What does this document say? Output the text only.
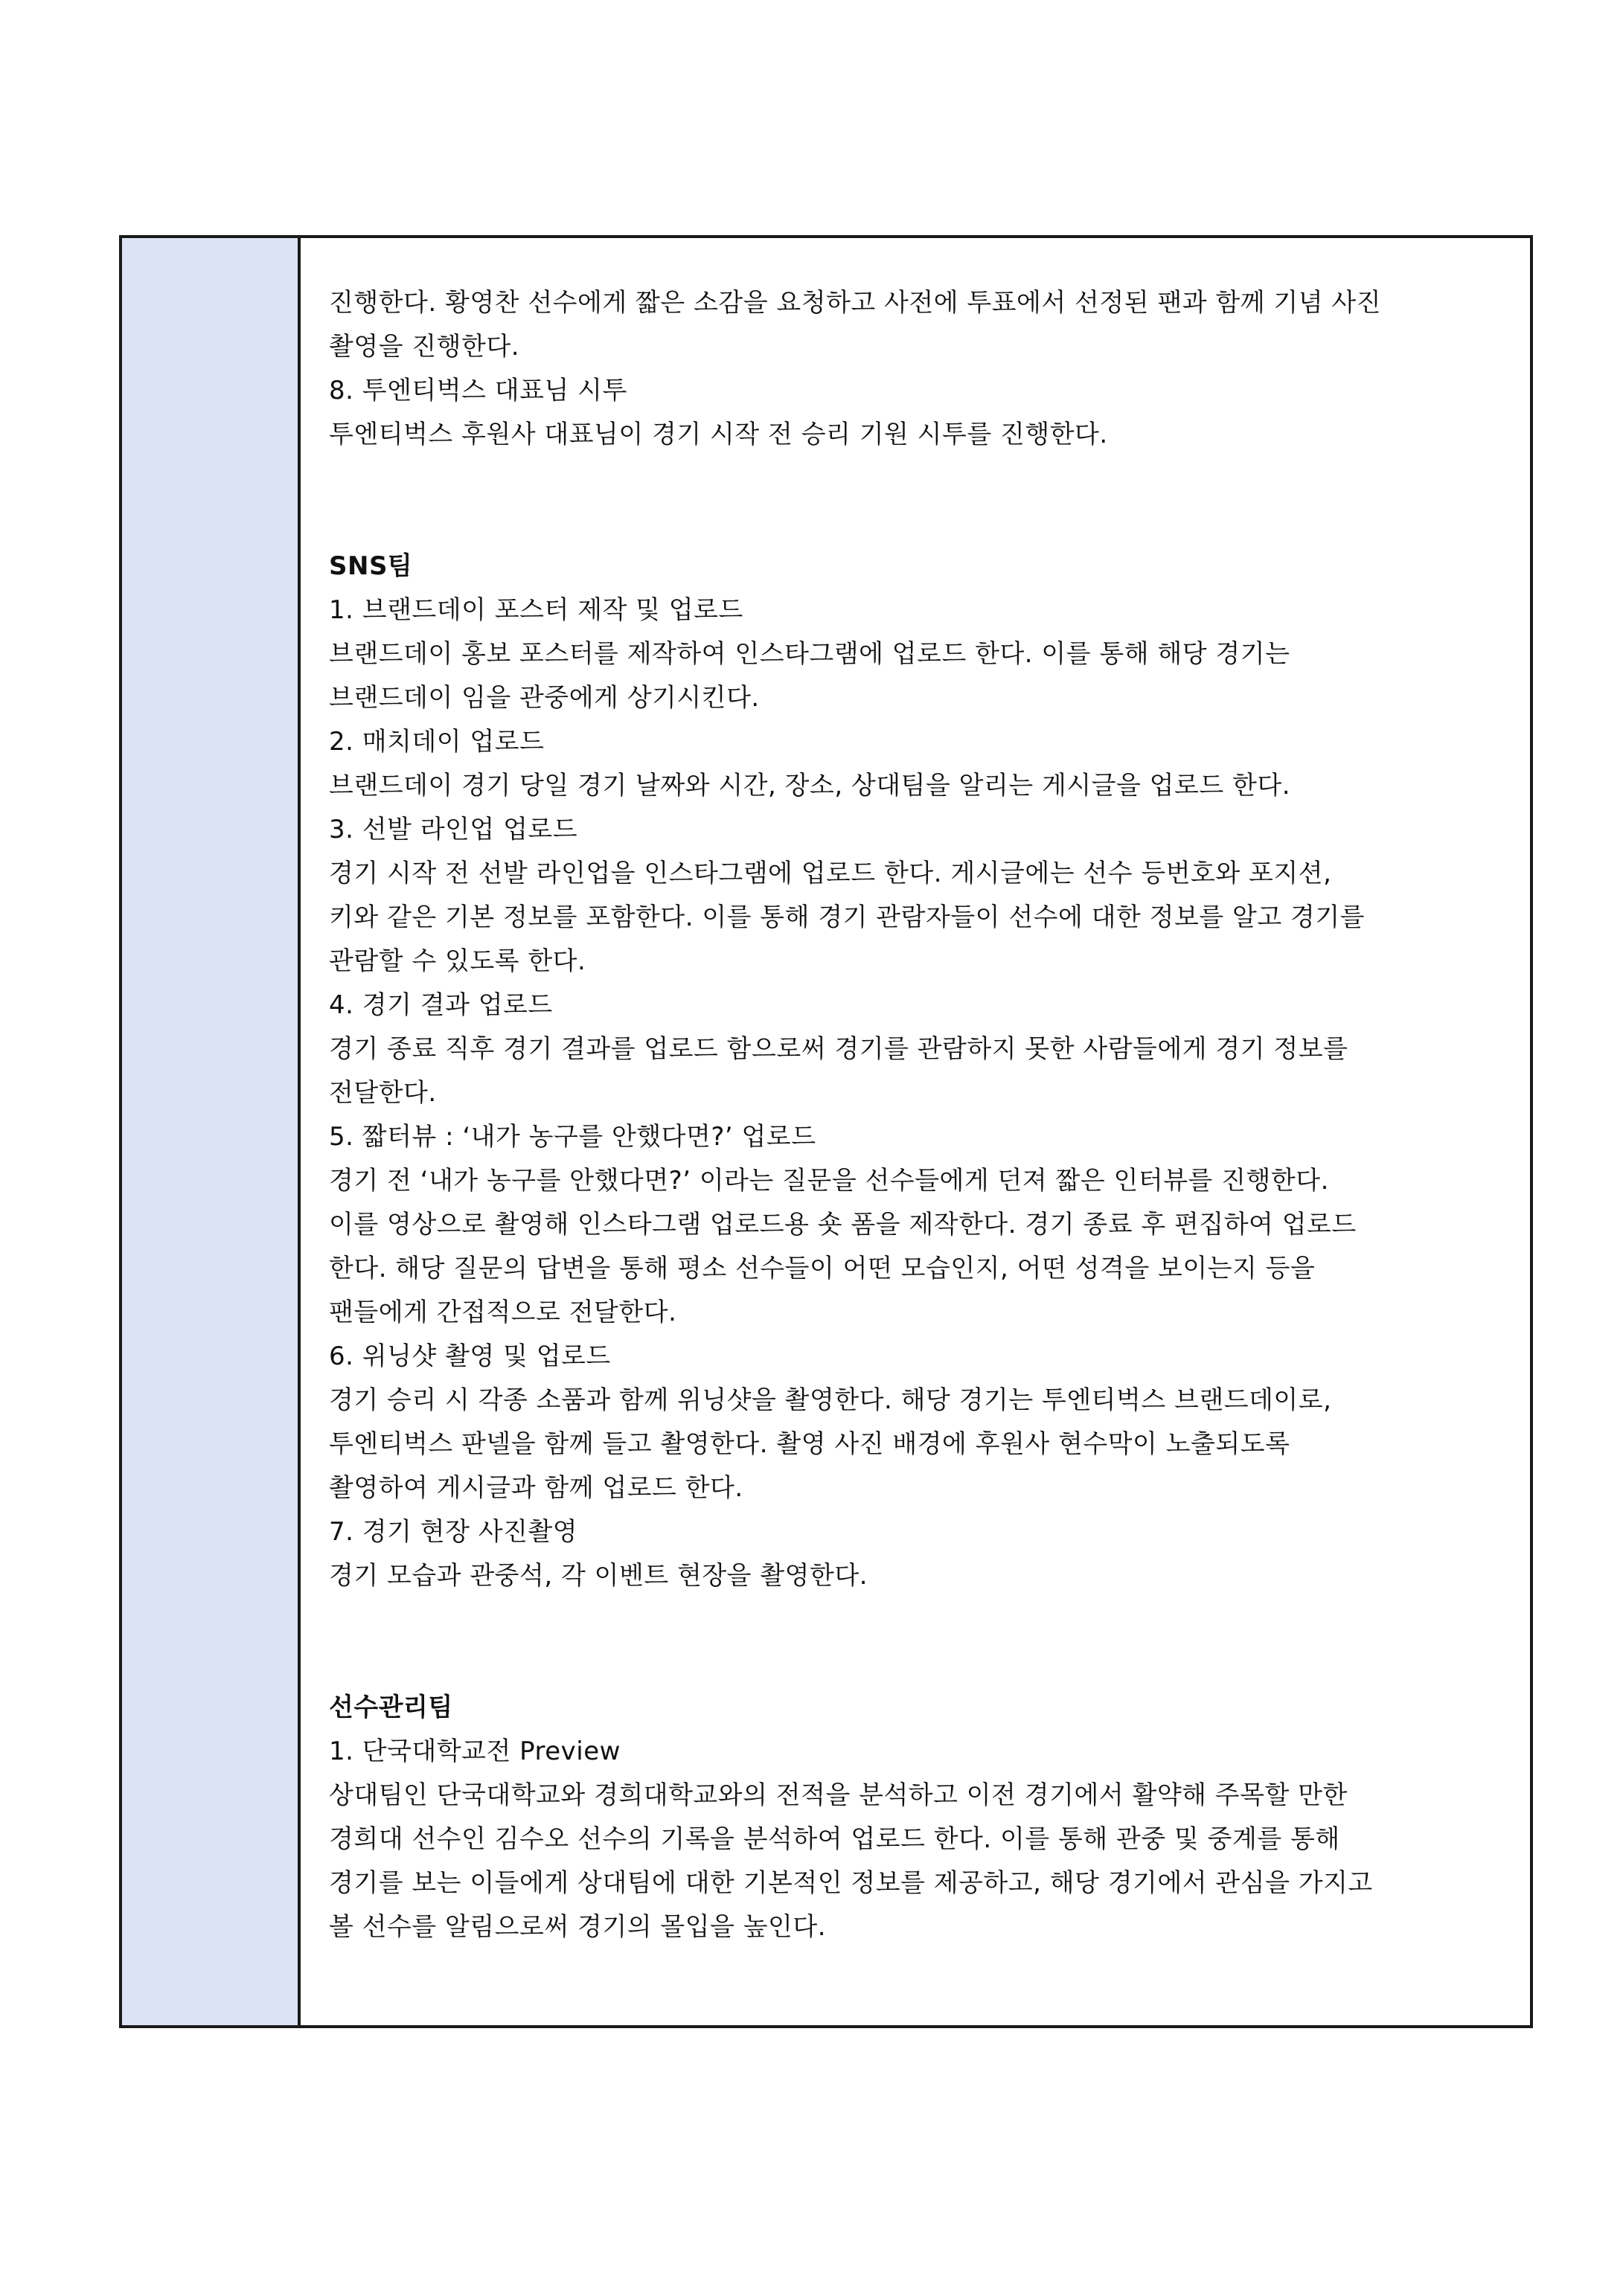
진행한다. 황영찬 선수에게 짧은 소감을 요청하고 사전에 투표에서 선정된 팬과 함께 기념 사진
촬영을 진행한다.
8. 투엔티벅스 대표님 시투
투엔티벅스 후원사 대표님이 경기 시작 전 승리 기원 시투를 진행한다.
SNS팀
1. 브랜드데이 포스터 제작 및 업로드
브랜드데이 홍보 포스터를 제작하여 인스타그램에 업로드 한다. 이를 통해 해당 경기는
브랜드데이 임을 관중에게 상기시킨다.
2. 매치데이 업로드
브랜드데이 경기 당일 경기 날짜와 시간, 장소, 상대팀을 알리는 게시글을 업로드 한다.
3. 선발 라인업 업로드
경기 시작 전 선발 라인업을 인스타그램에 업로드 한다. 게시글에는 선수 등번호와 포지션,
키와 같은 기본 정보를 포함한다. 이를 통해 경기 관람자들이 선수에 대한 정보를 알고 경기를
관람할 수 있도록 한다.
4. 경기 결과 업로드
경기 종료 직후 경기 결과를 업로드 함으로써 경기를 관람하지 못한 사람들에게 경기 정보를
전달한다.
5. 짧터뷰 : ‘내가 농구를 안했다면?’ 업로드
경기 전 ‘내가 농구를 안했다면?’ 이라는 질문을 선수들에게 던져 짧은 인터뷰를 진행한다.
이를 영상으로 촬영해 인스타그램 업로드용 숏 폼을 제작한다. 경기 종료 후 편집하여 업로드
한다. 해당 질문의 답변을 통해 평소 선수들이 어떤 모습인지, 어떤 성격을 보이는지 등을
팬들에게 간접적으로 전달한다.
6. 위닝샷 촬영 및 업로드
경기 승리 시 각종 소품과 함께 위닝샷을 촬영한다. 해당 경기는 투엔티벅스 브랜드데이로,
투엔티벅스 판넬을 함께 들고 촬영한다. 촬영 사진 배경에 후원사 현수막이 노출되도록
촬영하여 게시글과 함께 업로드 한다.
7. 경기 현장 사진촬영
경기 모습과 관중석, 각 이벤트 현장을 촬영한다.
선수관리팀
1. 단국대학교전 Preview
상대팀인 단국대학교와 경희대학교와의 전적을 분석하고 이전 경기에서 활약해 주목할 만한
경희대 선수인 김수오 선수의 기록을 분석하여 업로드 한다. 이를 통해 관중 및 중계를 통해
경기를 보는 이들에게 상대팀에 대한 기본적인 정보를 제공하고, 해당 경기에서 관심을 가지고
볼 선수를 알림으로써 경기의 몰입을 높인다.
